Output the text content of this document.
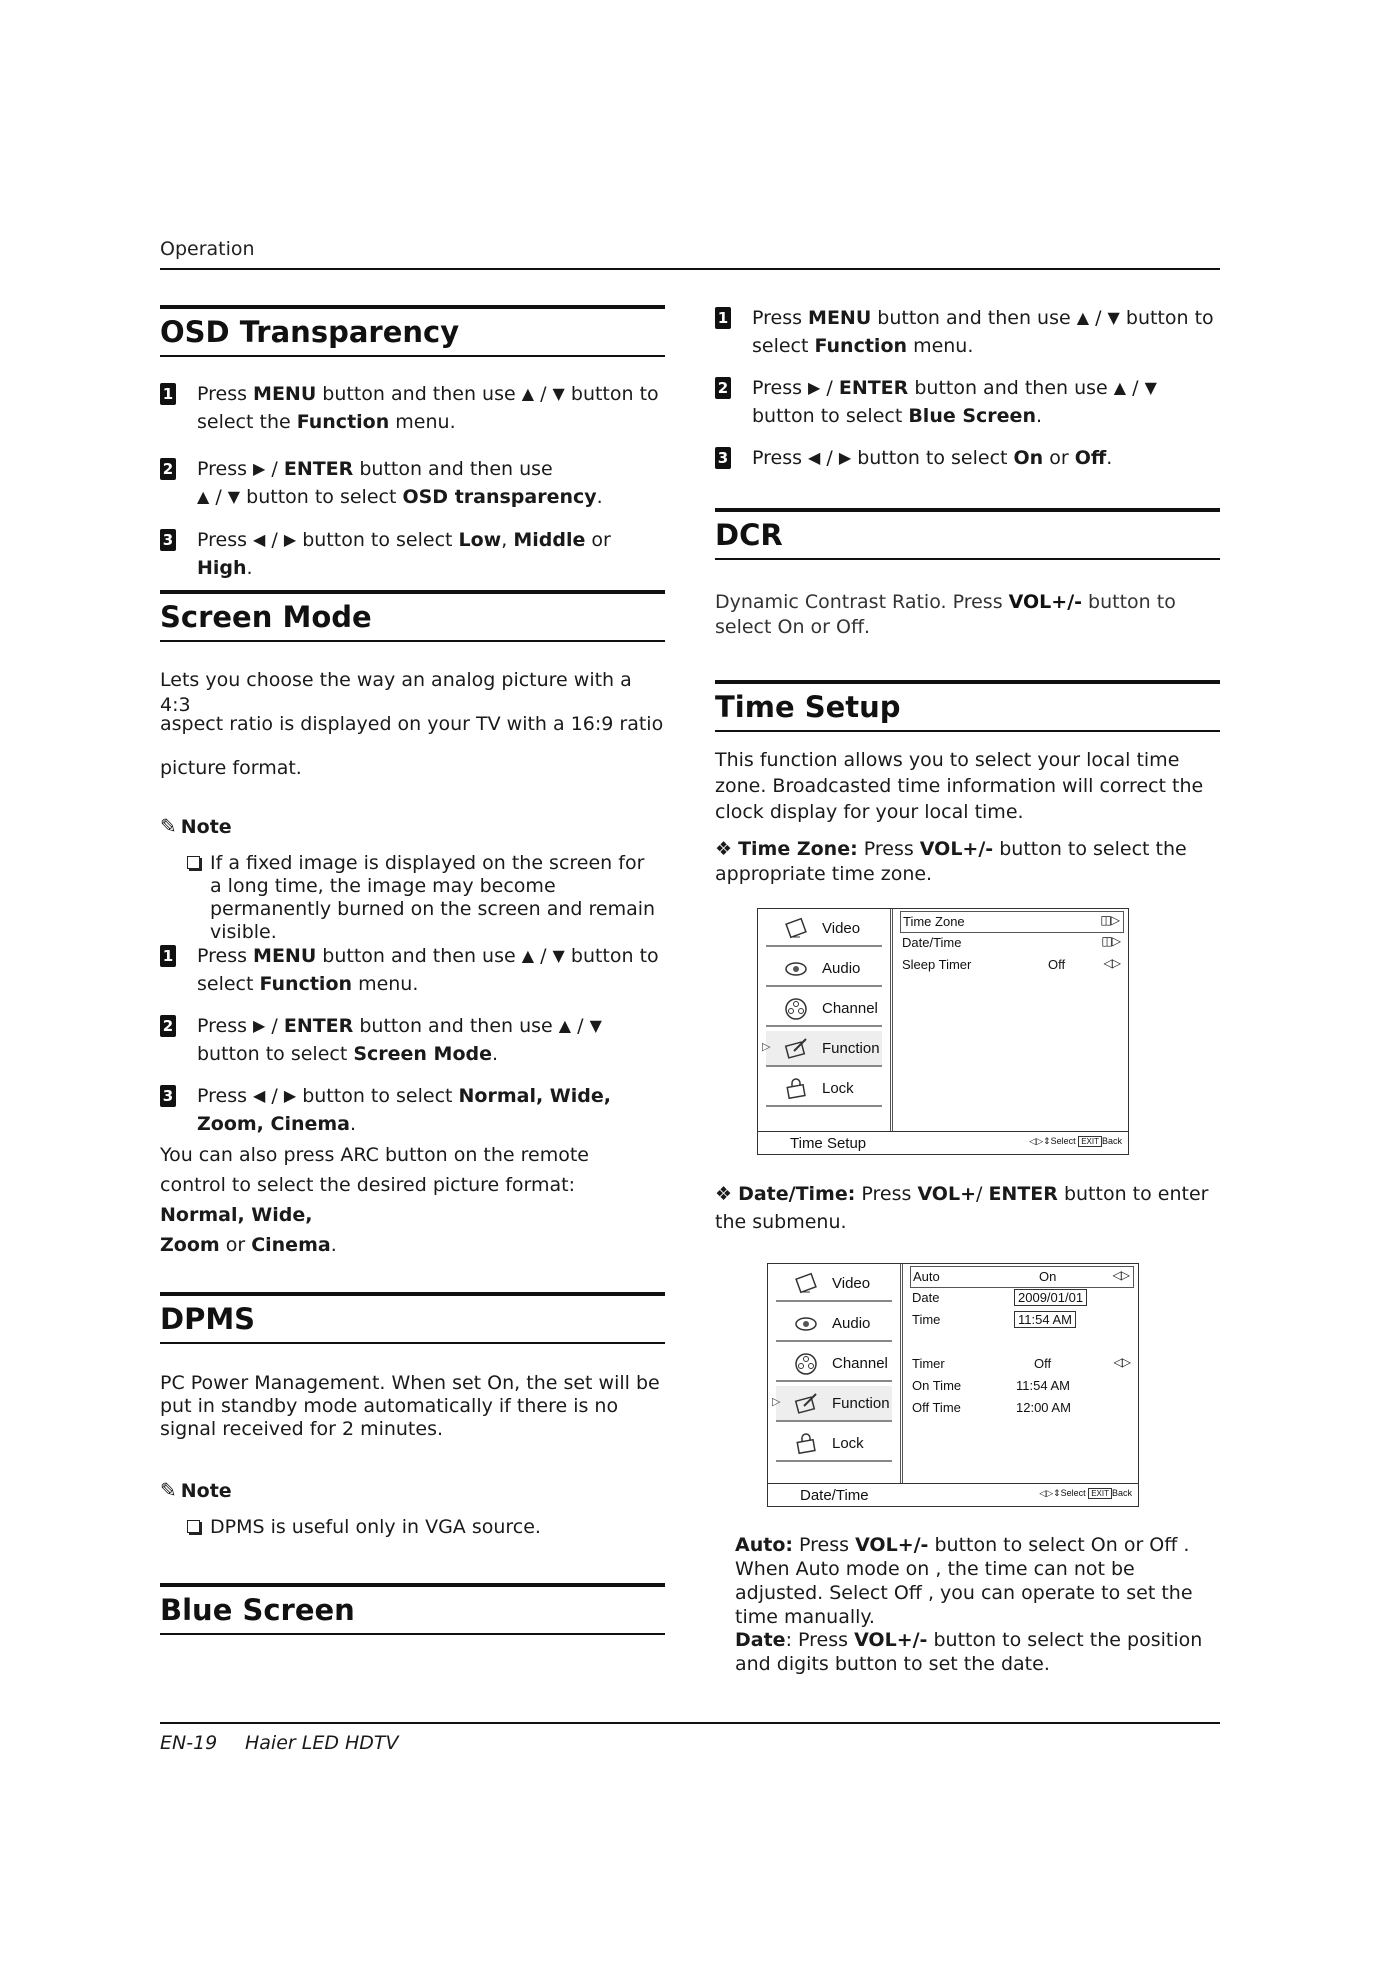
Operation
OSD Transparency
1 Press MENU button and then use ▲ / ▼ button to select the Function menu.
2 Press ▶ / ENTER button and then use
▲ / ▼ button to select OSD transparency.
3 Press ◀ / ▶ button to select Low, Middle or High.
Screen Mode
Lets you choose the way an analog picture with a 4:3
aspect ratio is displayed on your TV with a 16:9 ratio
picture format.
✎ Note
If a fixed image is displayed on the screen for a long time, the image may become permanently burned on the screen and remain visible.
1 Press MENU button and then use ▲ / ▼ button to select Function menu.
2 Press ▶ / ENTER button and then use ▲ / ▼ button to select Screen Mode.
3 Press ◀ / ▶ button to select Normal, Wide, Zoom, Cinema.
You can also press ARC button on the remote control to select the desired picture format: Normal, Wide,
Zoom or Cinema.
DPMS
PC Power Management. When set On, the set will be put in standby mode automatically if there is no signal received for 2 minutes.
✎ Note
DPMS is useful only in VGA source.
Blue Screen
1 Press MENU button and then use ▲ / ▼ button to select Function menu.
2 Press ▶ / ENTER button and then use ▲ / ▼ button to select Blue Screen.
3 Press ◀ / ▶ button to select On or Off.
DCR
Dynamic Contrast Ratio. Press VOL+/- button to select On or Off.
Time Setup
This function allows you to select your local time zone. Broadcasted time information will correct the clock display for your local time.
❖ Time Zone: Press VOL+/- button to select the appropriate time zone.
Video
Audio
Channel
▷	Function
Lock
Time Zone	◫▷
Date/Time	◫▷
Sleep Timer	Off	◁▷
Time Setup	◁▷⇕Select EXIT Back
❖ Date/Time: Press VOL+/ ENTER button to enter the submenu.
Video
Audio
Channel
▷	Function
Lock
Auto	On	◁▷
Date	2009/01/01
Time	11:54 AM
Timer	Off	◁▷
On Time	11:54 AM
Off Time	12:00 AM
Date/Time	◁▷⇕Select EXIT Back
Auto: Press VOL+/- button to select On or Off . When Auto mode on , the time can not be adjusted. Select Off , you can operate to set the time manually.
Date: Press VOL+/- button to select the position and digits button to set the date.
EN-19 Haier LED HDTV
